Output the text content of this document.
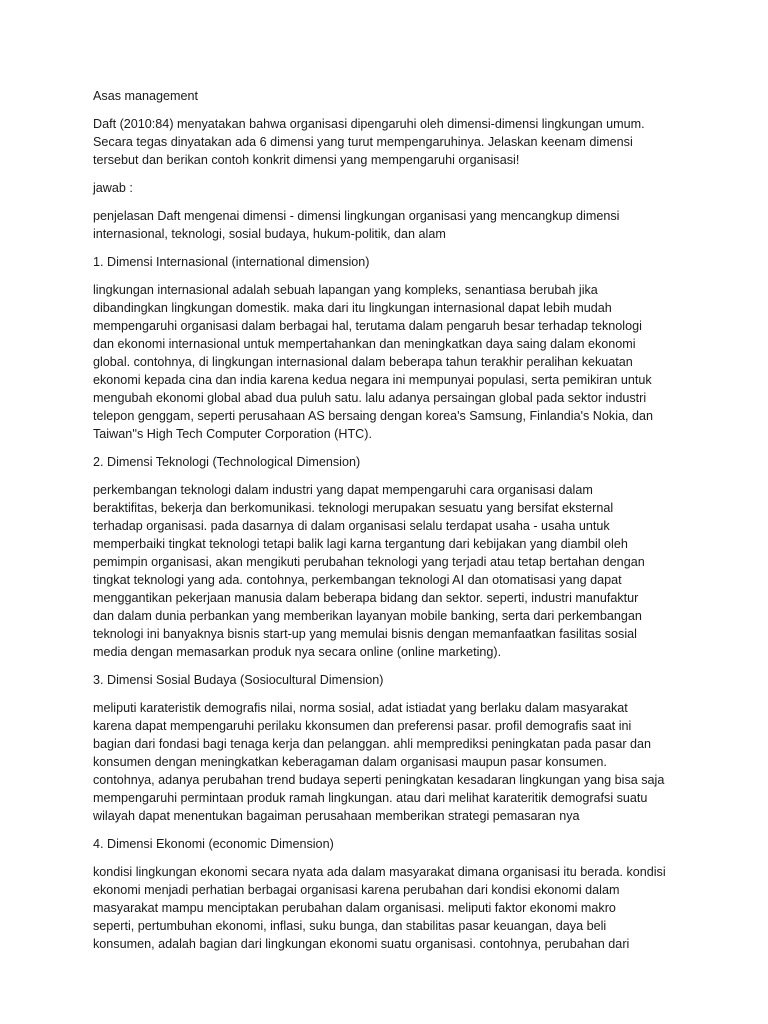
Asas management

Daft (2010:84) menyatakan bahwa organisasi dipengaruhi oleh dimensi-dimensi lingkungan umum.
Secara tegas dinyatakan ada 6 dimensi yang turut mempengaruhinya. Jelaskan keenam dimensi
tersebut dan berikan contoh konkrit dimensi yang mempengaruhi organisasi!

jawab :

penjelasan Daft mengenai dimensi - dimensi lingkungan organisasi yang mencangkup dimensi
internasional, teknologi, sosial budaya, hukum-politik, dan alam

1. Dimensi Internasional (international dimension)

lingkungan internasional adalah sebuah lapangan yang kompleks, senantiasa berubah jika
dibandingkan lingkungan domestik. maka dari itu lingkungan internasional dapat lebih mudah
mempengaruhi organisasi dalam berbagai hal, terutama dalam pengaruh besar terhadap teknologi
dan ekonomi internasional untuk mempertahankan dan meningkatkan daya saing dalam ekonomi
global. contohnya, di lingkungan internasional dalam beberapa tahun terakhir peralihan kekuatan
ekonomi kepada cina dan india karena kedua negara ini mempunyai populasi, serta pemikiran untuk
mengubah ekonomi global abad dua puluh satu. lalu adanya persaingan global pada sektor industri
telepon genggam, seperti perusahaan AS bersaing dengan korea's Samsung, Finlandia's Nokia, dan
Taiwan''s High Tech Computer Corporation (HTC).

2. Dimensi Teknologi (Technological Dimension)

perkembangan teknologi dalam industri yang dapat mempengaruhi cara organisasi dalam
beraktifitas, bekerja dan berkomunikasi. teknologi merupakan sesuatu yang bersifat eksternal
terhadap organisasi. pada dasarnya di dalam organisasi selalu terdapat usaha - usaha untuk
memperbaiki tingkat teknologi tetapi balik lagi karna tergantung dari kebijakan yang diambil oleh
pemimpin organisasi, akan mengikuti perubahan teknologi yang terjadi atau tetap bertahan dengan
tingkat teknologi yang ada. contohnya, perkembangan teknologi AI dan otomatisasi yang dapat
menggantikan pekerjaan manusia dalam beberapa bidang dan sektor. seperti, industri manufaktur
dan dalam dunia perbankan yang memberikan layanyan mobile banking, serta dari perkembangan
teknologi ini banyaknya bisnis start-up yang memulai bisnis dengan memanfaatkan fasilitas sosial
media dengan memasarkan produk nya secara online (online marketing).

3. Dimensi Sosial Budaya (Sosiocultural Dimension)

meliputi karateristik demografis nilai, norma sosial, adat istiadat yang berlaku dalam masyarakat
karena dapat mempengaruhi perilaku kkonsumen dan preferensi pasar. profil demografis saat ini
bagian dari fondasi bagi tenaga kerja dan pelanggan. ahli memprediksi peningkatan pada pasar dan
konsumen dengan meningkatkan keberagaman dalam organisasi maupun pasar konsumen.
contohnya, adanya perubahan trend budaya seperti peningkatan kesadaran lingkungan yang bisa saja
mempengaruhi permintaan produk ramah lingkungan. atau dari melihat karateritik demografsi suatu
wilayah dapat menentukan bagaiman perusahaan memberikan strategi pemasaran nya

4. Dimensi Ekonomi (economic Dimension)

kondisi lingkungan ekonomi secara nyata ada dalam masyarakat dimana organisasi itu berada. kondisi
ekonomi menjadi perhatian berbagai organisasi karena perubahan dari kondisi ekonomi dalam
masyarakat mampu menciptakan perubahan dalam organisasi. meliputi faktor ekonomi makro
seperti, pertumbuhan ekonomi, inflasi, suku bunga, dan stabilitas pasar keuangan, daya beli
konsumen, adalah bagian dari lingkungan ekonomi suatu organisasi. contohnya, perubahan dari
